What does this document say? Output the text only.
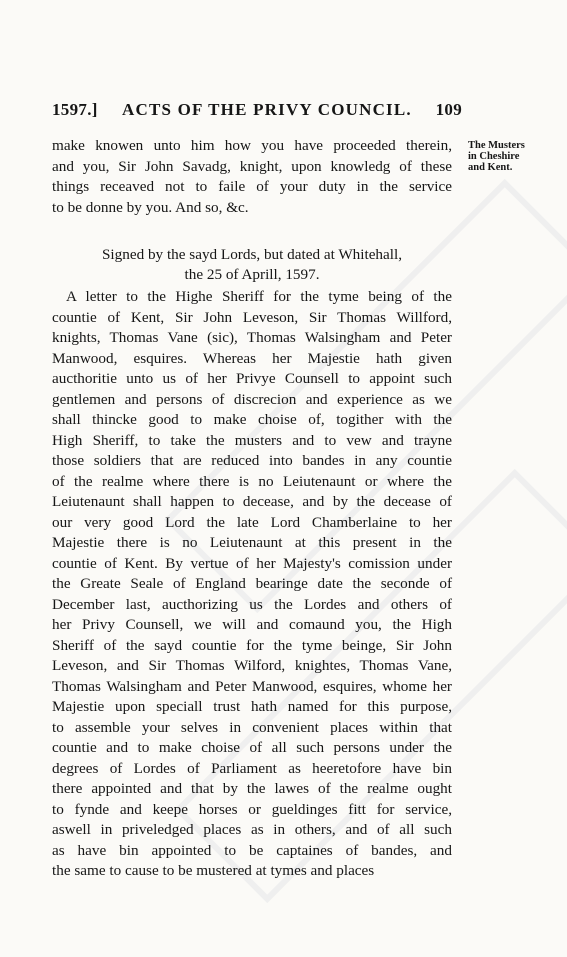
1597.] ACTS OF THE PRIVY COUNCIL. 109
make knowen unto him how you have proceeded therein,
and you, Sir John Savadg, knight, upon knowledg of these
things receaved not to faile of your duty in the service
to be donne by you. And so, &c.
The Musters
in Cheshire
and Kent.
Signed by the sayd Lords, but dated at Whitehall,
the 25 of Aprill, 1597.
A letter to the Highe Sheriff for the tyme being of the
countie of Kent, Sir John Leveson, Sir Thomas Willford,
knights, Thomas Vane (sic), Thomas Walsingham and Peter
Manwood, esquires. Whereas her Majestie hath given
aucthoritie unto us of her Privye Counsell to appoint such
gentlemen and persons of discrecion and experience as we
shall thincke good to make choise of, togither with the
High Sheriff, to take the musters and to vew and trayne
those soldiers that are reduced into bandes in any countie
of the realme where there is no Leiutenaunt or where the
Leiutenaunt shall happen to decease, and by the decease of
our very good Lord the late Lord Chamberlaine to her
Majestie there is no Leiutenaunt at this present in the
countie of Kent. By vertue of her Majesty's comission under
the Greate Seale of England bearinge date the seconde of
December last, aucthorizing us the Lordes and others of
her Privy Counsell, we will and comaund you, the High
Sheriff of the sayd countie for the tyme beinge, Sir John
Leveson, and Sir Thomas Wilford, knightes, Thomas Vane,
Thomas Walsingham and Peter Manwood, esquires, whome her
Majestie upon speciall trust hath named for this purpose,
to assemble your selves in convenient places within that
countie and to make choise of all such persons under the
degrees of Lordes of Parliament as heeretofore have bin
there appointed and that by the lawes of the realme ought
to fynde and keepe horses or gueldinges fitt for service,
aswell in priveledged places as in others, and of all such
as have bin appointed to be captaines of bandes, and
the same to cause to be mustered at tymes and places
